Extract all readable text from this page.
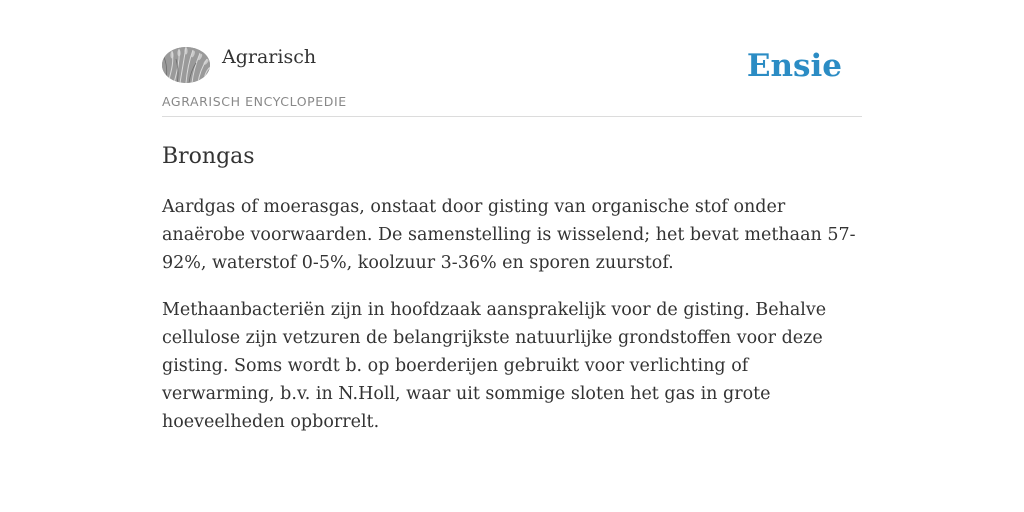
Agrarisch
AGRARISCH ENCYCLOPEDIE
Ensie
Brongas

Aardgas of moerasgas, onstaat door gisting van organische stof onder anaërobe voorwaarden. De samenstelling is wisselend; het bevat methaan 57-92%, waterstof 0-5%, koolzuur 3-36% en sporen zuurstof.

Methaanbacteriën zijn in hoofdzaak aansprakelijk voor de gisting. Behalve cellulose zijn vetzuren de belangrijkste natuurlijke grondstoffen voor deze gisting. Soms wordt b. op boerderijen gebruikt voor verlichting of verwarming, b.v. in N.Holl, waar uit sommige sloten het gas in grote hoeveelheden opborrelt.
